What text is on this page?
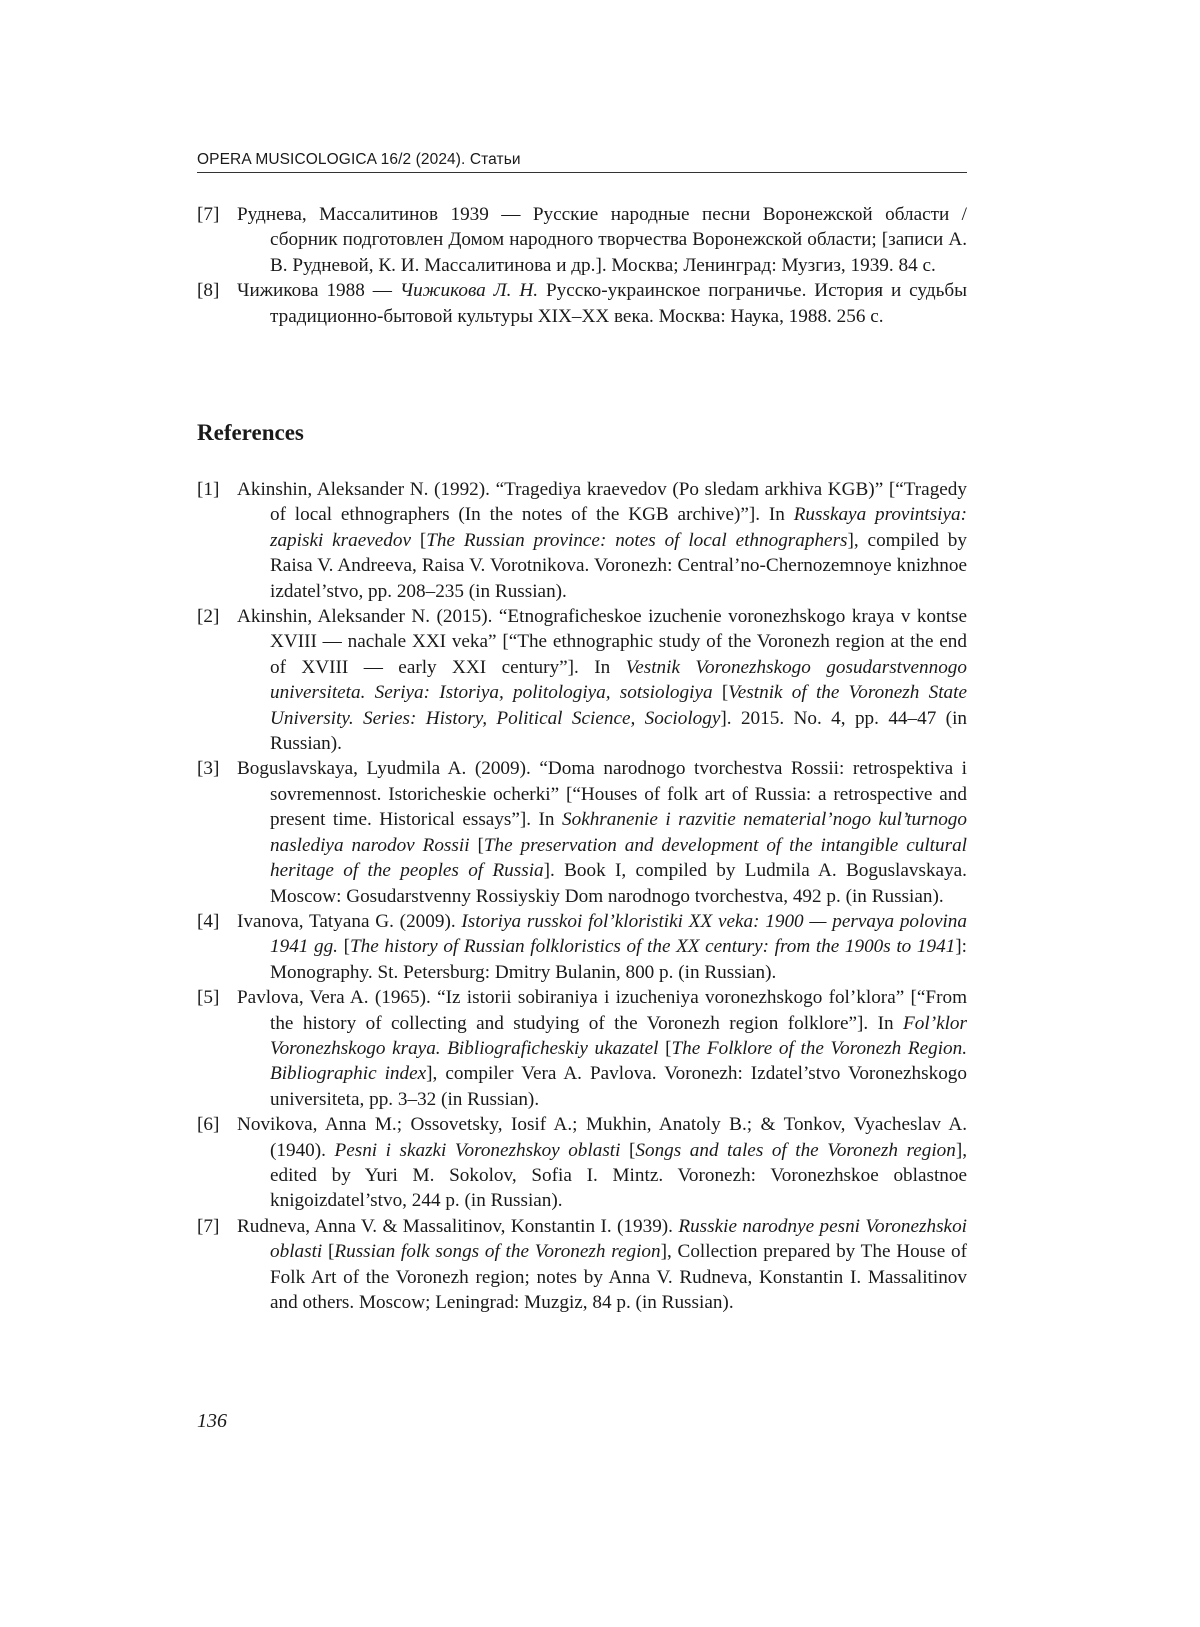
OPERA MUSICOLOGICA 16/2 (2024). Статьи
[7] Руднева, Массалитинов 1939 — Русские народные песни Воронежской области / сборник подготовлен Домом народного творчества Воронежской области; [записи А. В. Рудневой, К. И. Массалитинова и др.]. Москва; Ленинград: Музгиз, 1939. 84 с.
[8] Чижикова 1988 — Чижикова Л. Н. Русско-украинское пограничье. История и судьбы традиционно-бытовой культуры XIX–XX века. Москва: Наука, 1988. 256 с.
References
[1] Akinshin, Aleksander N. (1992). “Tragediya kraevedov (Po sledam arkhiva KGB)” [“Tragedy of local ethnographers (In the notes of the KGB archive)”]. In Russkaya provintsiya: zapiski kraevedov [The Russian province: notes of local ethnographers], compiled by Raisa V. Andreeva, Raisa V. Vorotnikova. Voronezh: Central’no-Chernozemnoye knizhnoe izdatel’stvo, pp. 208–235 (in Russian).
[2] Akinshin, Aleksander N. (2015). “Etnograficheskoe izuchenie voronezhskogo kraya v kontse XVIII — nachale XXI veka” [“The ethnographic study of the Voronezh region at the end of XVIII — early XXI century”]. In Vestnik Voronezhskogo gosudarstvennogo universiteta. Seriya: Istoriya, politologiya, sotsiologiya [Vestnik of the Voronezh State University. Series: History, Political Science, Sociology]. 2015. No. 4, pp. 44–47 (in Russian).
[3] Boguslavskaya, Lyudmila A. (2009). “Doma narodnogo tvorchestva Rossii: retrospektiva i sovremennost. Istoricheskie ocherki” [“Houses of folk art of Russia: a retrospective and present time. Historical essays”]. In Sokhranenie i razvitie nematerial’nogo kul’turnogo naslediya narodov Rossii [The preservation and development of the intangible cultural heritage of the peoples of Russia]. Book I, compiled by Ludmila A. Boguslavskaya. Moscow: Gosudarstvenny Rossiyskiy Dom narodnogo tvorchestva, 492 p. (in Russian).
[4] Ivanova, Tatyana G. (2009). Istoriya russkoi fol’kloristiki XX veka: 1900 — pervaya polovina 1941 gg. [The history of Russian folkloristics of the XX century: from the 1900s to 1941]: Monography. St. Petersburg: Dmitry Bulanin, 800 p. (in Russian).
[5] Pavlova, Vera A. (1965). “Iz istorii sobiraniya i izucheniya voronezhskogo fol’klora” [“From the history of collecting and studying of the Voronezh region folklore”]. In Fol’klor Voronezhskogo kraya. Bibliograficheskiy ukazatel [The Folklore of the Voronezh Region. Bibliographic index], compiler Vera A. Pavlova. Voronezh: Izdatel’stvo Voronezhskogo universiteta, pp. 3–32 (in Russian).
[6] Novikova, Anna M.; Ossovetsky, Iosif A.; Mukhin, Anatoly B.; & Tonkov, Vyacheslav A. (1940). Pesni i skazki Voronezhskoy oblasti [Songs and tales of the Voronezh region], edited by Yuri M. Sokolov, Sofia I. Mintz. Voronezh: Voronezhskoe oblastnoe knigoizdatel’stvo, 244 p. (in Russian).
[7] Rudneva, Anna V. & Massalitinov, Konstantin I. (1939). Russkie narodnye pesni Voronezhskoi oblasti [Russian folk songs of the Voronezh region], Collection prepared by The House of Folk Art of the Voronezh region; notes by Anna V. Rudneva, Konstantin I. Massalitinov and others. Moscow; Leningrad: Muzgiz, 84 p. (in Russian).
136
